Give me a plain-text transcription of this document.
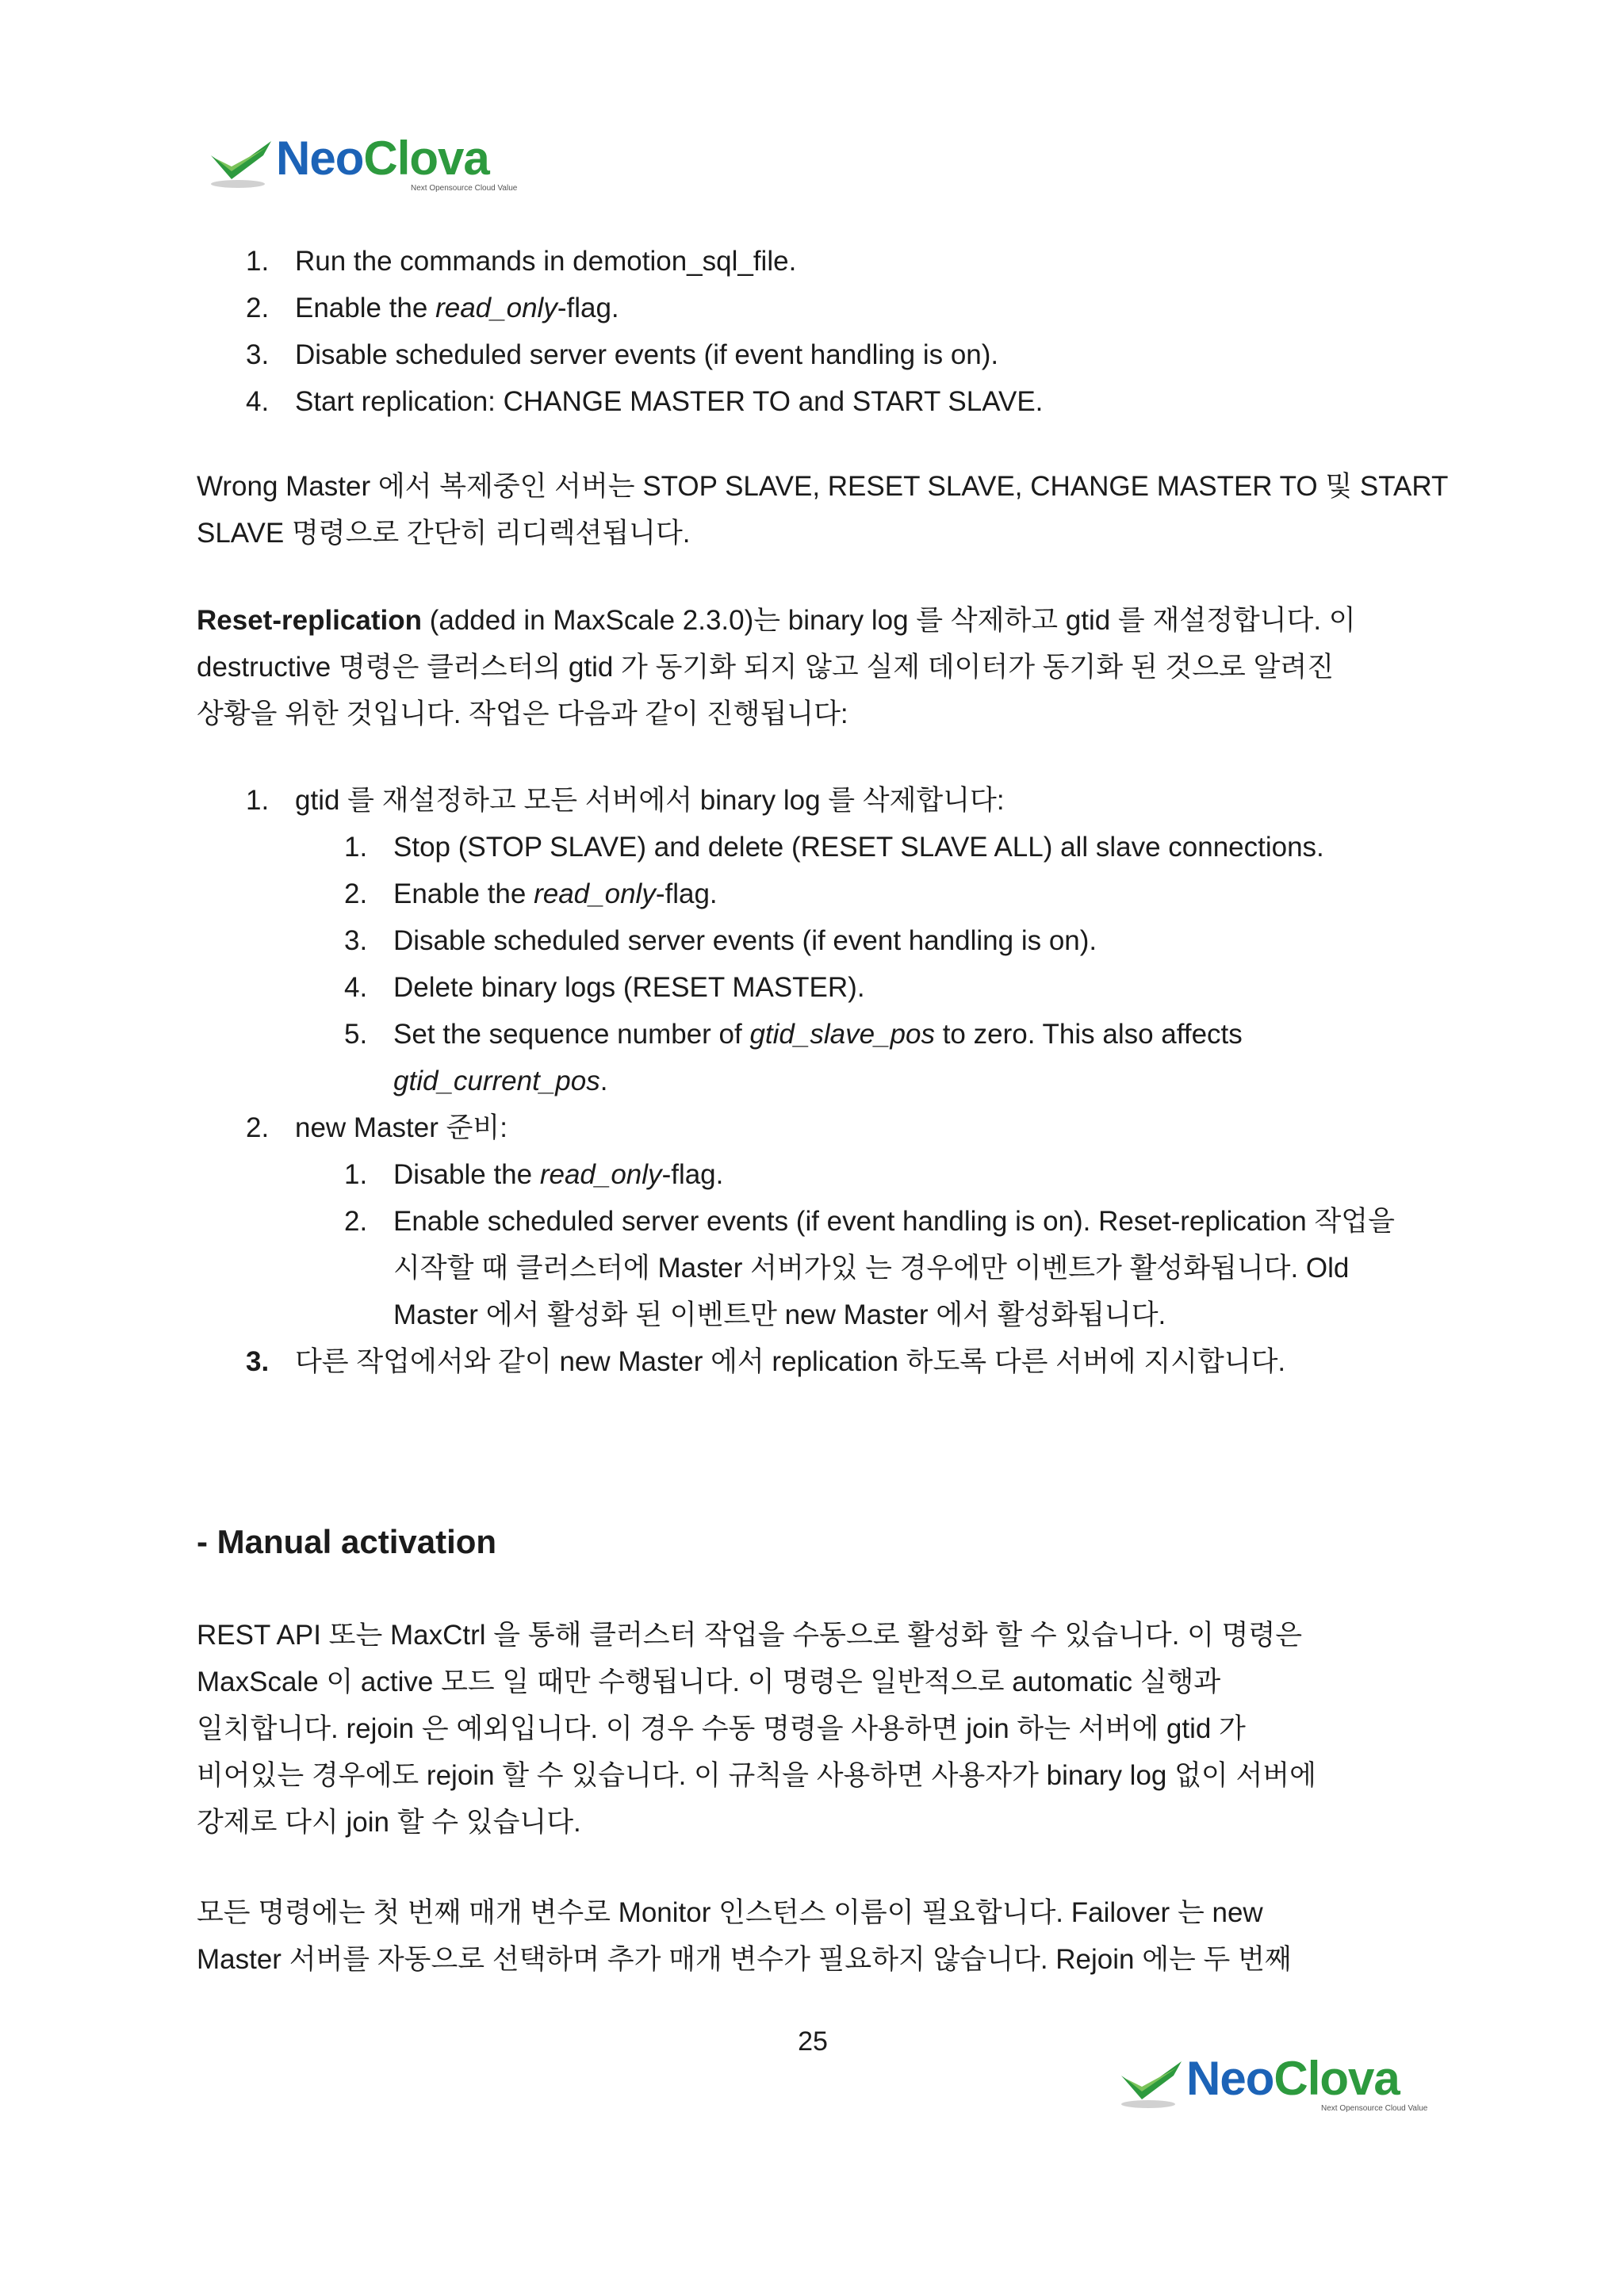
NeoClova
Next Opensource Cloud Value
1. Run the commands in demotion_sql_file.
2. Enable the read_only-flag.
3. Disable scheduled server events (if event handling is on).
4. Start replication: CHANGE MASTER TO and START SLAVE.
Wrong Master 에서 복제중인 서버는 STOP SLAVE, RESET SLAVE, CHANGE MASTER TO 및 START
SLAVE 명령으로 간단히 리디렉션됩니다.
Reset-replication (added in MaxScale 2.3.0)는 binary log 를 삭제하고 gtid 를 재설정합니다. 이
destructive 명령은 클러스터의 gtid 가 동기화 되지 않고 실제 데이터가 동기화 된 것으로 알려진
상황을 위한 것입니다. 작업은 다음과 같이 진행됩니다:
1. gtid 를 재설정하고 모든 서버에서 binary log 를 삭제합니다:
1. Stop (STOP SLAVE) and delete (RESET SLAVE ALL) all slave connections.
2. Enable the read_only-flag.
3. Disable scheduled server events (if event handling is on).
4. Delete binary logs (RESET MASTER).
5. Set the sequence number of gtid_slave_pos to zero. This also affects
gtid_current_pos.
2. new Master 준비:
1. Disable the read_only-flag.
2. Enable scheduled server events (if event handling is on). Reset-replication 작업을
시작할 때 클러스터에 Master 서버가있 는 경우에만 이벤트가 활성화됩니다. Old
Master 에서 활성화 된 이벤트만 new Master 에서 활성화됩니다.
3. 다른 작업에서와 같이 new Master 에서 replication 하도록 다른 서버에 지시합니다.
- Manual activation
REST API 또는 MaxCtrl 을 통해 클러스터 작업을 수동으로 활성화 할 수 있습니다. 이 명령은
MaxScale 이 active 모드 일 때만 수행됩니다. 이 명령은 일반적으로 automatic 실행과
일치합니다. rejoin 은 예외입니다. 이 경우 수동 명령을 사용하면 join 하는 서버에 gtid 가
비어있는 경우에도 rejoin 할 수 있습니다. 이 규칙을 사용하면 사용자가 binary log 없이 서버에
강제로 다시 join 할 수 있습니다.
모든 명령에는 첫 번째 매개 변수로 Monitor 인스턴스 이름이 필요합니다. Failover 는 new
Master 서버를 자동으로 선택하며 추가 매개 변수가 필요하지 않습니다. Rejoin 에는 두 번째
25
NeoClova
Next Opensource Cloud Value
